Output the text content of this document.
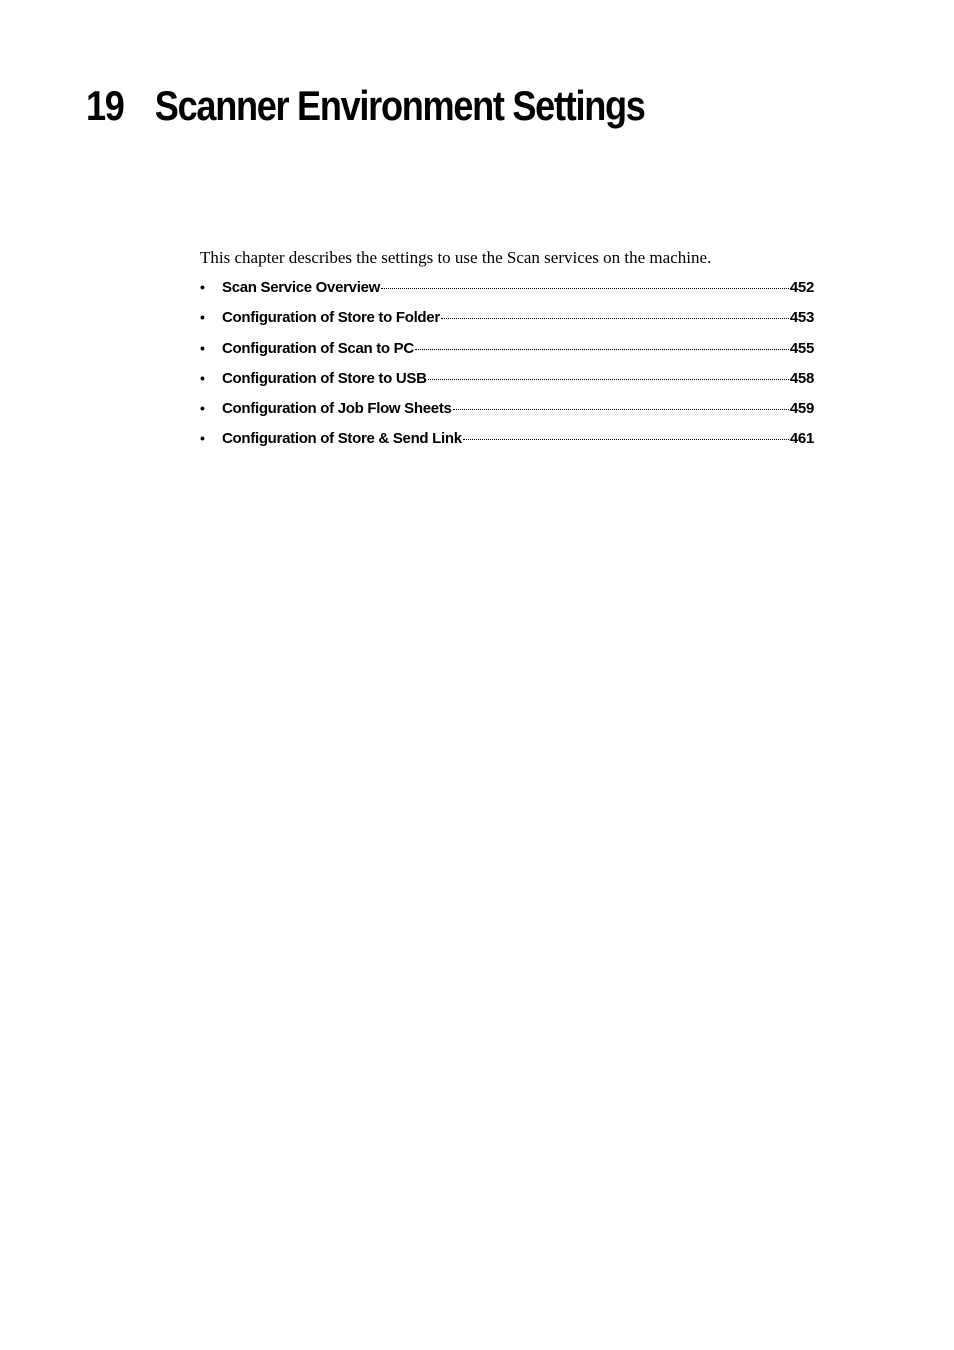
19 Scanner Environment Settings

This chapter describes the settings to use the Scan services on the machine.

•	Scan Service Overview	452
•	Configuration of Store to Folder	453
•	Configuration of Scan to PC	455
•	Configuration of Store to USB	458
•	Configuration of Job Flow Sheets	459
•	Configuration of Store & Send Link	461
